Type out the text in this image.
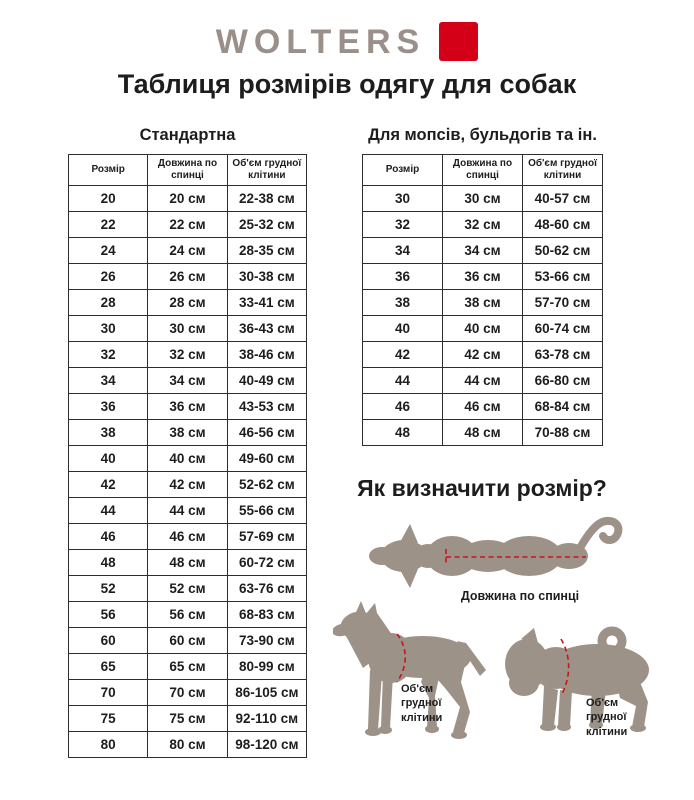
WOLTERS
Таблиця розмірів одягу для собак
Стандартна
Розмір	Довжина по спинці	Об'єм грудної клітини
20	20 см	22-38 см
22	22 см	25-32 см
24	24 см	28-35 см
26	26 см	30-38 см
28	28 см	33-41 см
30	30 см	36-43 см
32	32 см	38-46 см
34	34 см	40-49 см
36	36 см	43-53 см
38	38 см	46-56 см
40	40 см	49-60 см
42	42 см	52-62 см
44	44 см	55-66 см
46	46 см	57-69 см
48	48 см	60-72 см
52	52 см	63-76 см
56	56 см	68-83 см
60	60 см	73-90 см
65	65 см	80-99 см
70	70 см	86-105 см
75	75 см	92-110 см
80	80 см	98-120 см
Для мопсів, бульдогів та ін.
Розмір	Довжина по спинці	Об'єм грудної клітини
30	30 см	40-57 см
32	32 см	48-60 см
34	34 см	50-62 см
36	36 см	53-66 см
38	38 см	57-70 см
40	40 см	60-74 см
42	42 см	63-78 см
44	44 см	66-80 см
46	46 см	68-84 см
48	48 см	70-88 см
Як визначити розмір?
Довжина по спинці
Об'єм
грудної
клітини
Об'єм
грудної
клітини
